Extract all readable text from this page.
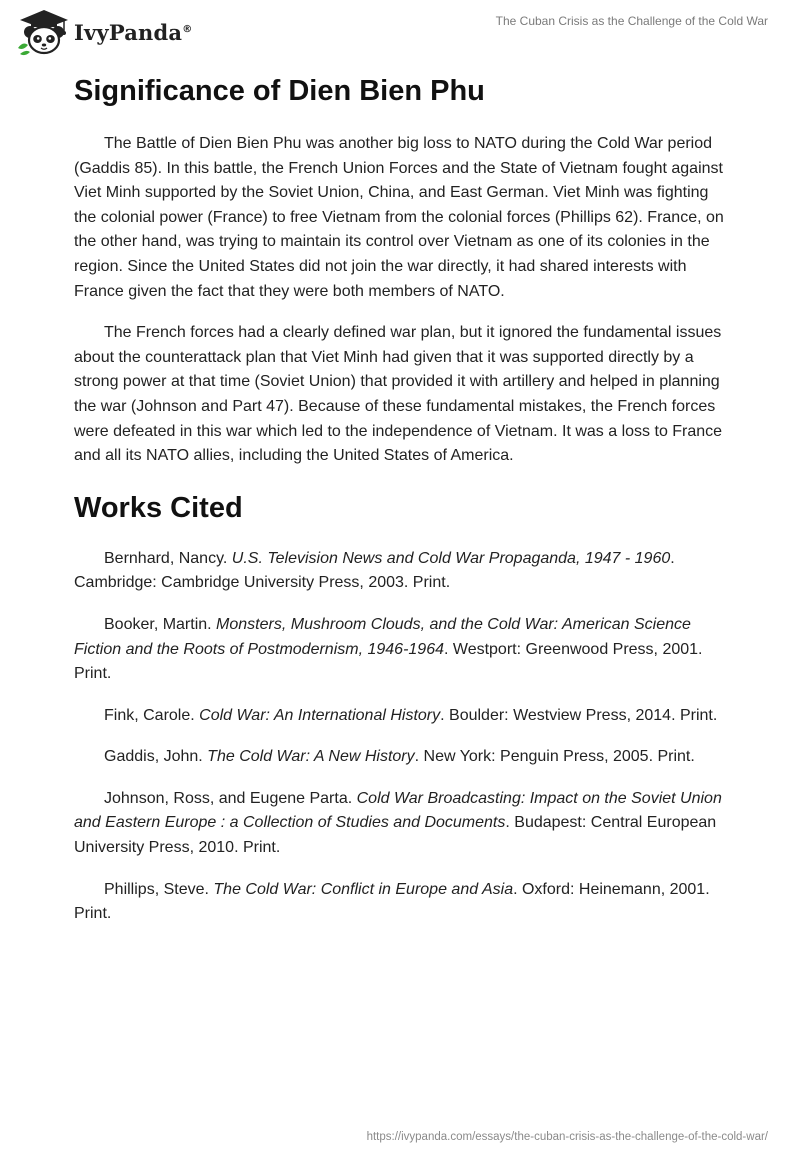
IvyPanda®
The Cuban Crisis as the Challenge of the Cold War
Significance of Dien Bien Phu

The Battle of Dien Bien Phu was another big loss to NATO during the Cold War period (Gaddis 85). In this battle, the French Union Forces and the State of Vietnam fought against Viet Minh supported by the Soviet Union, China, and East German. Viet Minh was fighting the colonial power (France) to free Vietnam from the colonial forces (Phillips 62). France, on the other hand, was trying to maintain its control over Vietnam as one of its colonies in the region. Since the United States did not join the war directly, it had shared interests with France given the fact that they were both members of NATO.

The French forces had a clearly defined war plan, but it ignored the fundamental issues about the counterattack plan that Viet Minh had given that it was supported directly by a strong power at that time (Soviet Union) that provided it with artillery and helped in planning the war (Johnson and Part 47). Because of these fundamental mistakes, the French forces were defeated in this war which led to the independence of Vietnam. It was a loss to France and all its NATO allies, including the United States of America.

Works Cited

Bernhard, Nancy. U.S. Television News and Cold War Propaganda, 1947 - 1960. Cambridge: Cambridge University Press, 2003. Print.

Booker, Martin. Monsters, Mushroom Clouds, and the Cold War: American Science Fiction and the Roots of Postmodernism, 1946-1964. Westport: Greenwood Press, 2001. Print.

Fink, Carole. Cold War: An International History. Boulder: Westview Press, 2014. Print.

Gaddis, John. The Cold War: A New History. New York: Penguin Press, 2005. Print.

Johnson, Ross, and Eugene Parta. Cold War Broadcasting: Impact on the Soviet Union and Eastern Europe : a Collection of Studies and Documents. Budapest: Central European University Press, 2010. Print.

Phillips, Steve. The Cold War: Conflict in Europe and Asia. Oxford: Heinemann, 2001. Print.

https://ivypanda.com/essays/the-cuban-crisis-as-the-challenge-of-the-cold-war/
